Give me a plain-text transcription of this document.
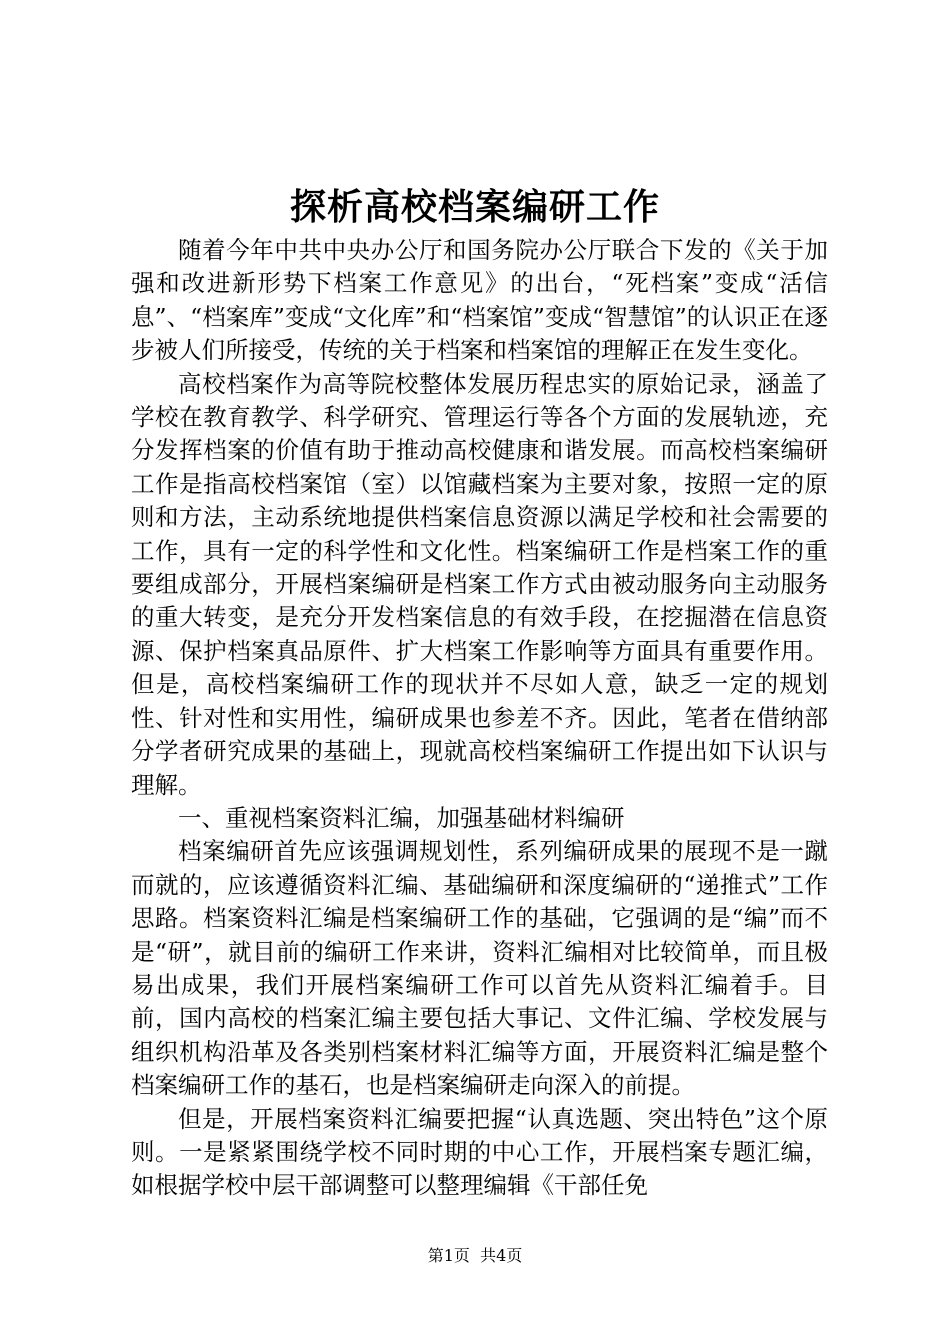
探析高校档案编研工作

随着今年中共中央办公厅和国务院办公厅联合下发的《关于加强和改进新形势下档案工作意见》的出台，“死档案”变成“活信息”、“档案库”变成“文化库”和“档案馆”变成“智慧馆”的认识正在逐步被人们所接受，传统的关于档案和档案馆的理解正在发生变化。

高校档案作为高等院校整体发展历程忠实的原始记录，涵盖了学校在教育教学、科学研究、管理运行等各个方面的发展轨迹，充分发挥档案的价值有助于推动高校健康和谐发展。而高校档案编研工作是指高校档案馆（室）以馆藏档案为主要对象，按照一定的原则和方法，主动系统地提供档案信息资源以满足学校和社会需要的工作，具有一定的科学性和文化性。档案编研工作是档案工作的重要组成部分，开展档案编研是档案工作方式由被动服务向主动服务的重大转变，是充分开发档案信息的有效手段，在挖掘潜在信息资源、保护档案真品原件、扩大档案工作影响等方面具有重要作用。但是，高校档案编研工作的现状并不尽如人意，缺乏一定的规划性、针对性和实用性，编研成果也参差不齐。因此，笔者在借纳部分学者研究成果的基础上，现就高校档案编研工作提出如下认识与理解。

一、重视档案资料汇编，加强基础材料编研

档案编研首先应该强调规划性，系列编研成果的展现不是一蹴而就的，应该遵循资料汇编、基础编研和深度编研的“递推式”工作思路。档案资料汇编是档案编研工作的基础，它强调的是“编”而不是“研”，就目前的编研工作来讲，资料汇编相对比较简单，而且极易出成果，我们开展档案编研工作可以首先从资料汇编着手。目前，国内高校的档案汇编主要包括大事记、文件汇编、学校发展与组织机构沿革及各类别档案材料汇编等方面，开展资料汇编是整个档案编研工作的基石，也是档案编研走向深入的前提。

但是，开展档案资料汇编要把握“认真选题、突出特色”这个原则。一是紧紧围绕学校不同时期的中心工作，开展档案专题汇编，如根据学校中层干部调整可以整理编辑《干部任免

第1页 共4页
